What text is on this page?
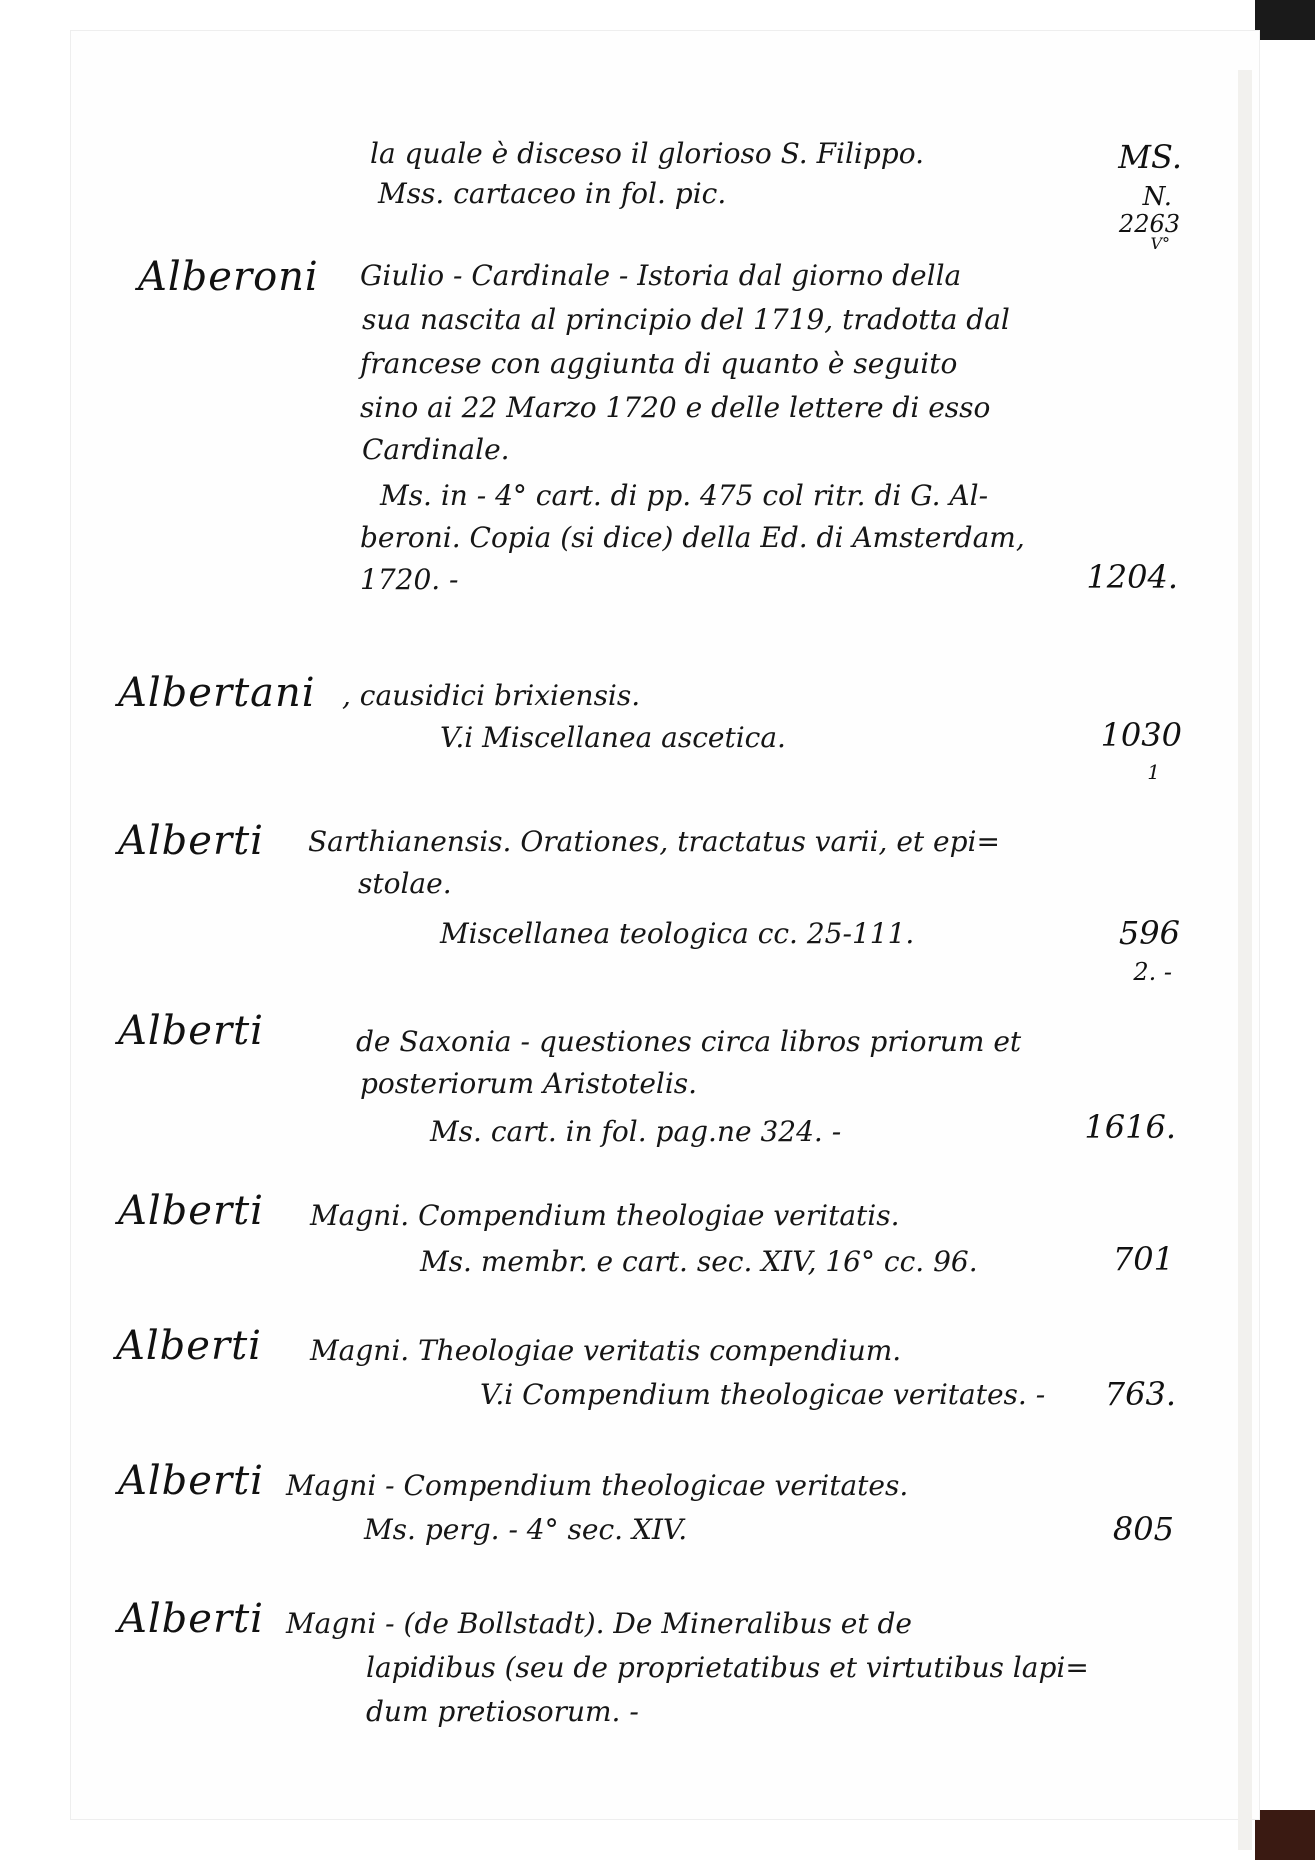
la quale è disceso il glorioso S. Filippo.
Mss. cartaceo in fol. pic.
MS.
N.
2263
V°
Alberoni Giulio - Cardinale - Istoria dal giorno della
sua nascita al principio del 1719, tradotta dal
francese con aggiunta di quanto è seguito
sino ai 22 Marzo 1720 e delle lettere di esso
Cardinale.
Ms. in - 4° cart. di pp. 475 col ritr. di G. Al-
beroni. Copia (si dice) della Ed. di Amsterdam,
1720. -	1204.
Albertani , causidici brixiensis.
V.i Miscellanea ascetica.	1030
1
Alberti Sarthianensis. Orationes, tractatus varii, et epi=
stolae.
Miscellanea teologica cc. 25-111.	596
2. -
Alberti	de Saxonia - questiones circa libros priorum et
posteriorum Aristotelis.
Ms. cart. in fol. pag.ne 324. -	1616.
Alberti Magni. Compendium theologiae veritatis.
Ms. membr. e cart. sec. XIV, 16° cc. 96.	701
Alberti Magni. Theologiae veritatis compendium.
V.i Compendium theologicae veritates. - 763.
Alberti Magni - Compendium theologicae veritates.
Ms. perg. - 4° sec. XIV.	805
Alberti Magni - (de Bollstadt). De Mineralibus et de
lapidibus (seu de proprietatibus et virtutibus lapi=
dum pretiosorum. -
